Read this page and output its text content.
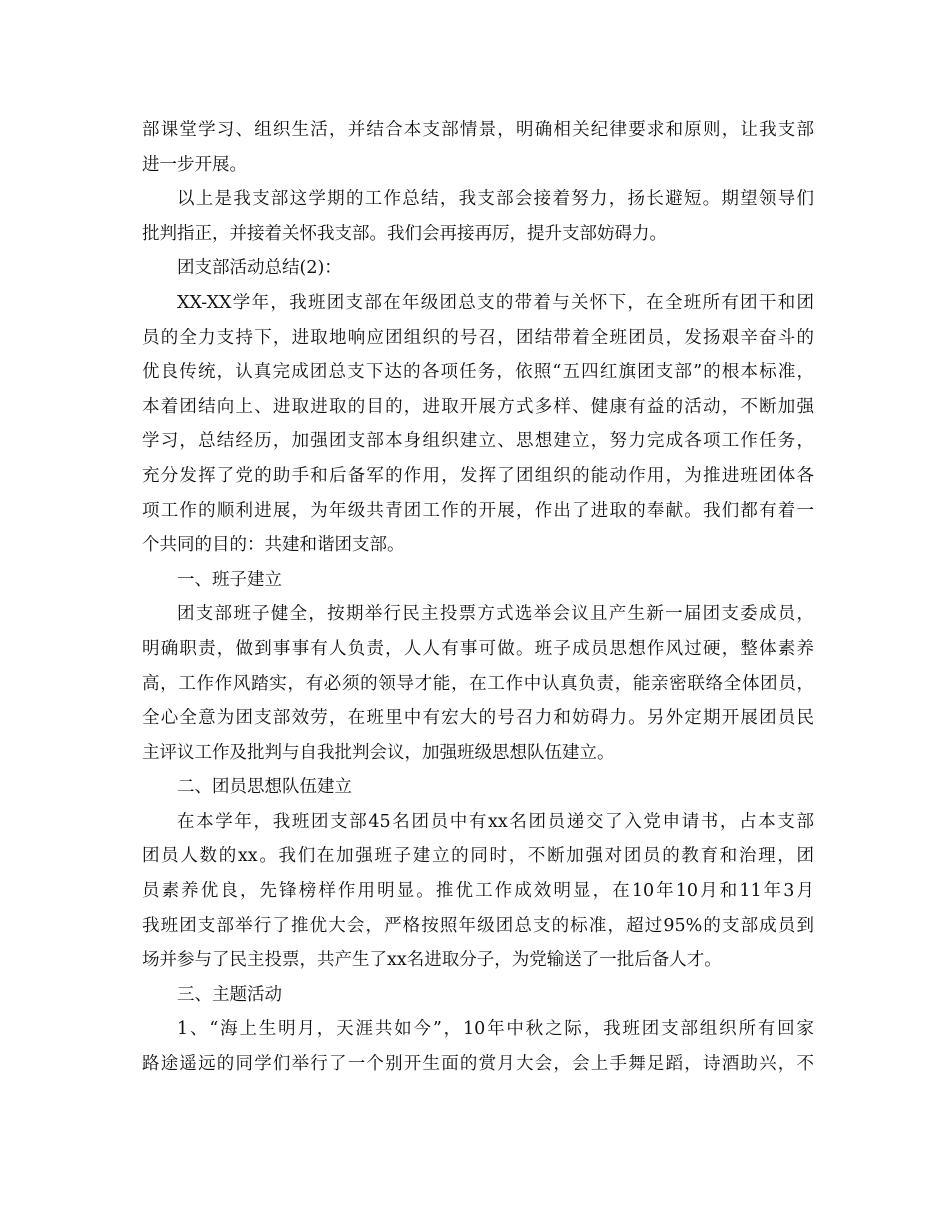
部课堂学习、组织生活，并结合本支部情景，明确相关纪律要求和原则，让我支部
进一步开展。
以上是我支部这学期的工作总结，我支部会接着努力，扬长避短。期望领导们
批判指正，并接着关怀我支部。我们会再接再厉，提升支部妨碍力。
团支部活动总结(2)：
XX-XX学年，我班团支部在年级团总支的带着与关怀下，在全班所有团干和团
员的全力支持下，进取地响应团组织的号召，团结带着全班团员，发扬艰辛奋斗的
优良传统，认真完成团总支下达的各项任务，依照“五四红旗团支部”的根本标准，
本着团结向上、进取进取的目的，进取开展方式多样、健康有益的活动，不断加强
学习，总结经历，加强团支部本身组织建立、思想建立，努力完成各项工作任务，
充分发挥了党的助手和后备军的作用，发挥了团组织的能动作用，为推进班团体各
项工作的顺利进展，为年级共青团工作的开展，作出了进取的奉献。我们都有着一
个共同的目的：共建和谐团支部。
一、班子建立
团支部班子健全，按期举行民主投票方式选举会议且产生新一届团支委成员，
明确职责，做到事事有人负责，人人有事可做。班子成员思想作风过硬，整体素养
高，工作作风踏实，有必须的领导才能，在工作中认真负责，能亲密联络全体团员，
全心全意为团支部效劳，在班里中有宏大的号召力和妨碍力。另外定期开展团员民
主评议工作及批判与自我批判会议，加强班级思想队伍建立。
二、团员思想队伍建立
在本学年，我班团支部45名团员中有xx名团员递交了入党申请书，占本支部
团员人数的xx。我们在加强班子建立的同时，不断加强对团员的教育和治理，团
员素养优良，先锋榜样作用明显。推优工作成效明显，在10年10月和11年3月
我班团支部举行了推优大会，严格按照年级团总支的标准，超过95%的支部成员到
场并参与了民主投票，共产生了xx名进取分子，为党输送了一批后备人才。
三、主题活动
1、“海上生明月，天涯共如今”，10年中秋之际，我班团支部组织所有回家
路途遥远的同学们举行了一个别开生面的赏月大会，会上手舞足蹈，诗酒助兴，不
